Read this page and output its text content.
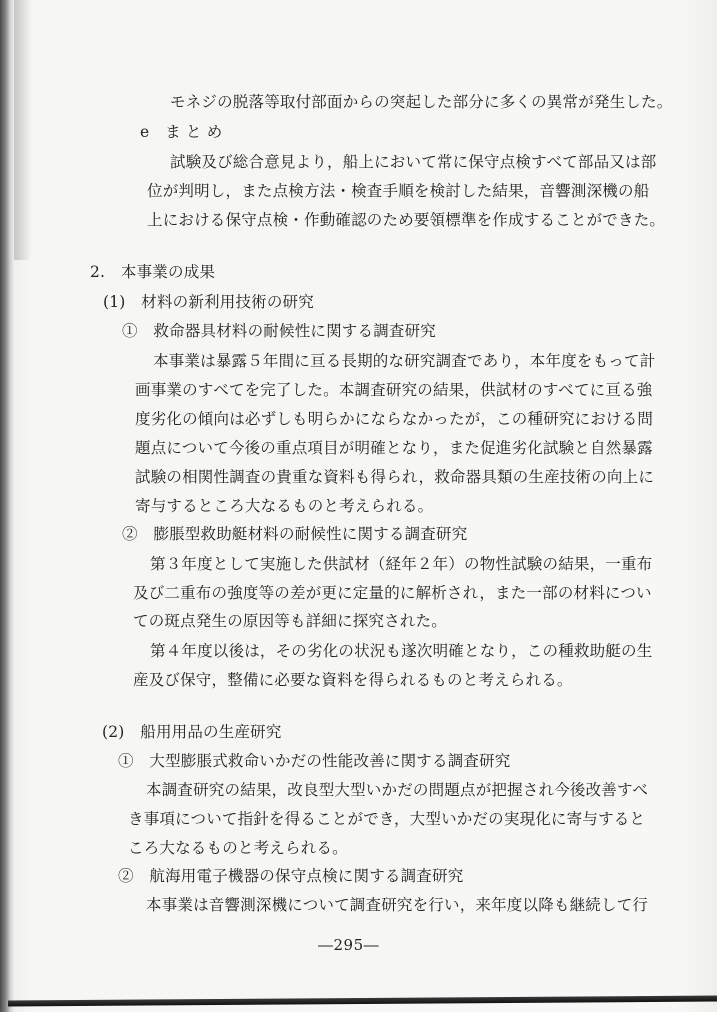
モネジの脱落等取付部面からの突起した部分に多くの異常が発生した。
e　ま と め
試験及び総合意見より，船上において常に保守点検すべて部品又は部
位が判明し，また点検方法・検査手順を検討した結果，音響測深機の船
上における保守点検・作動確認のため要領標準を作成することができた。
2.　本事業の成果
(1)　材料の新利用技術の研究
①　救命器具材料の耐候性に関する調査研究
本事業は暴露５年間に亘る長期的な研究調査であり，本年度をもって計
画事業のすべてを完了した。本調査研究の結果，供試材のすべてに亘る強
度劣化の傾向は必ずしも明らかにならなかったが，この種研究における問
題点について今後の重点項目が明確となり，また促進劣化試験と自然暴露
試験の相関性調査の貴重な資料も得られ，救命器具類の生産技術の向上に
寄与するところ大なるものと考えられる。
②　膨脹型救助艇材料の耐候性に関する調査研究
第３年度として実施した供試材（経年２年）の物性試験の結果，一重布
及び二重布の強度等の差が更に定量的に解析され，また一部の材料につい
ての斑点発生の原因等も詳細に探究された。
第４年度以後は，その劣化の状況も遂次明確となり，この種救助艇の生
産及び保守，整備に必要な資料を得られるものと考えられる。
(2)　船用用品の生産研究
①　大型膨脹式救命いかだの性能改善に関する調査研究
本調査研究の結果，改良型大型いかだの問題点が把握され今後改善すべ
き事項について指針を得ることができ，大型いかだの実現化に寄与すると
ころ大なるものと考えられる。
②　航海用電子機器の保守点検に関する調査研究
本事業は音響測深機について調査研究を行い，来年度以降も継続して行
―295―
